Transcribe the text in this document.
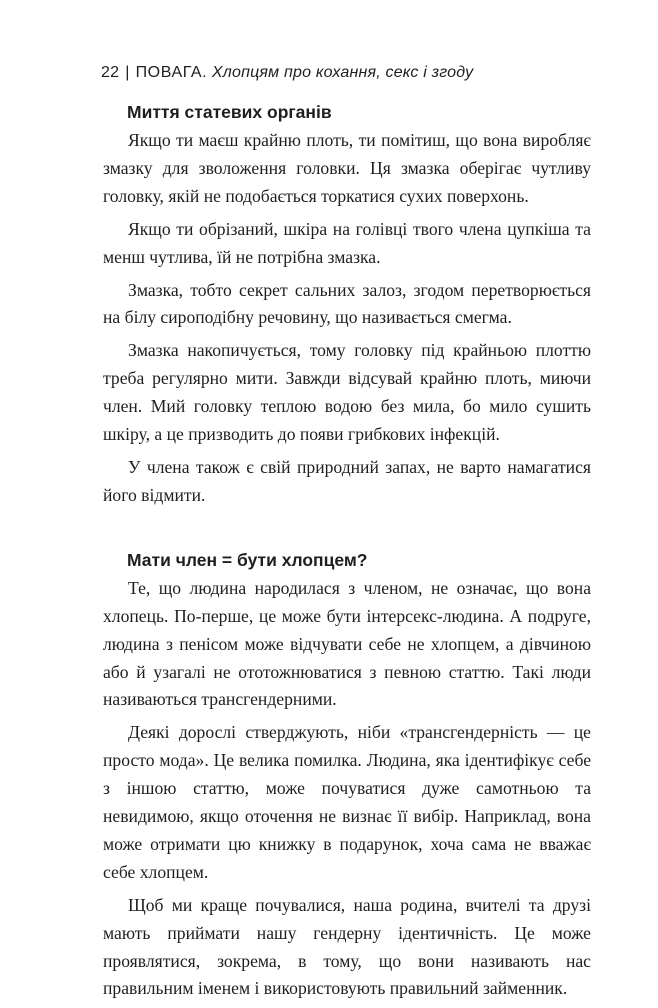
22 | ПОВАГА. Хлопцям про кохання, секс і згоду
Миття статевих органів

Якщо ти маєш крайню плоть, ти помітиш, що вона виробляє змазку для зволоження головки. Ця змазка оберігає чутливу головку, якій не подобається торкатися сухих поверхонь.

Якщо ти обрізаний, шкіра на голівці твого члена цупкіша та менш чутлива, їй не потрібна змазка.

Змазка, тобто секрет сальних залоз, згодом перетворюється на білу сироподібну речовину, що називається смегма.

Змазка накопичується, тому головку під крайньою плоттю треба регулярно мити. Завжди відсувай крайню плоть, миючи член. Мий головку теплою водою без мила, бо мило сушить шкіру, а це призводить до появи грибкових інфекцій.

У члена також є свій природний запах, не варто намагатися його відмити.

Мати член = бути хлопцем?

Те, що людина народилася з членом, не означає, що вона хлопець. По-перше, це може бути інтерсекс-людина. А подруге, людина з пенісом може відчувати себе не хлопцем, а дівчиною або й узагалі не ототожнюватися з певною статтю. Такі люди називаються трансгендерними.

Деякі дорослі стверджують, ніби «трансгендерність — це просто мода». Це велика помилка. Людина, яка ідентифікує себе з іншою статтю, може почуватися дуже самотньою та невидимою, якщо оточення не визнає її вибір. Наприклад, вона може отримати цю книжку в подарунок, хоча сама не вважає себе хлопцем.

Щоб ми краще почувалися, наша родина, вчителі та друзі мають приймати нашу гендерну ідентичність. Це може проявлятися, зокрема, в тому, що вони називають нас правильним іменем і використовують правильний займенник.
